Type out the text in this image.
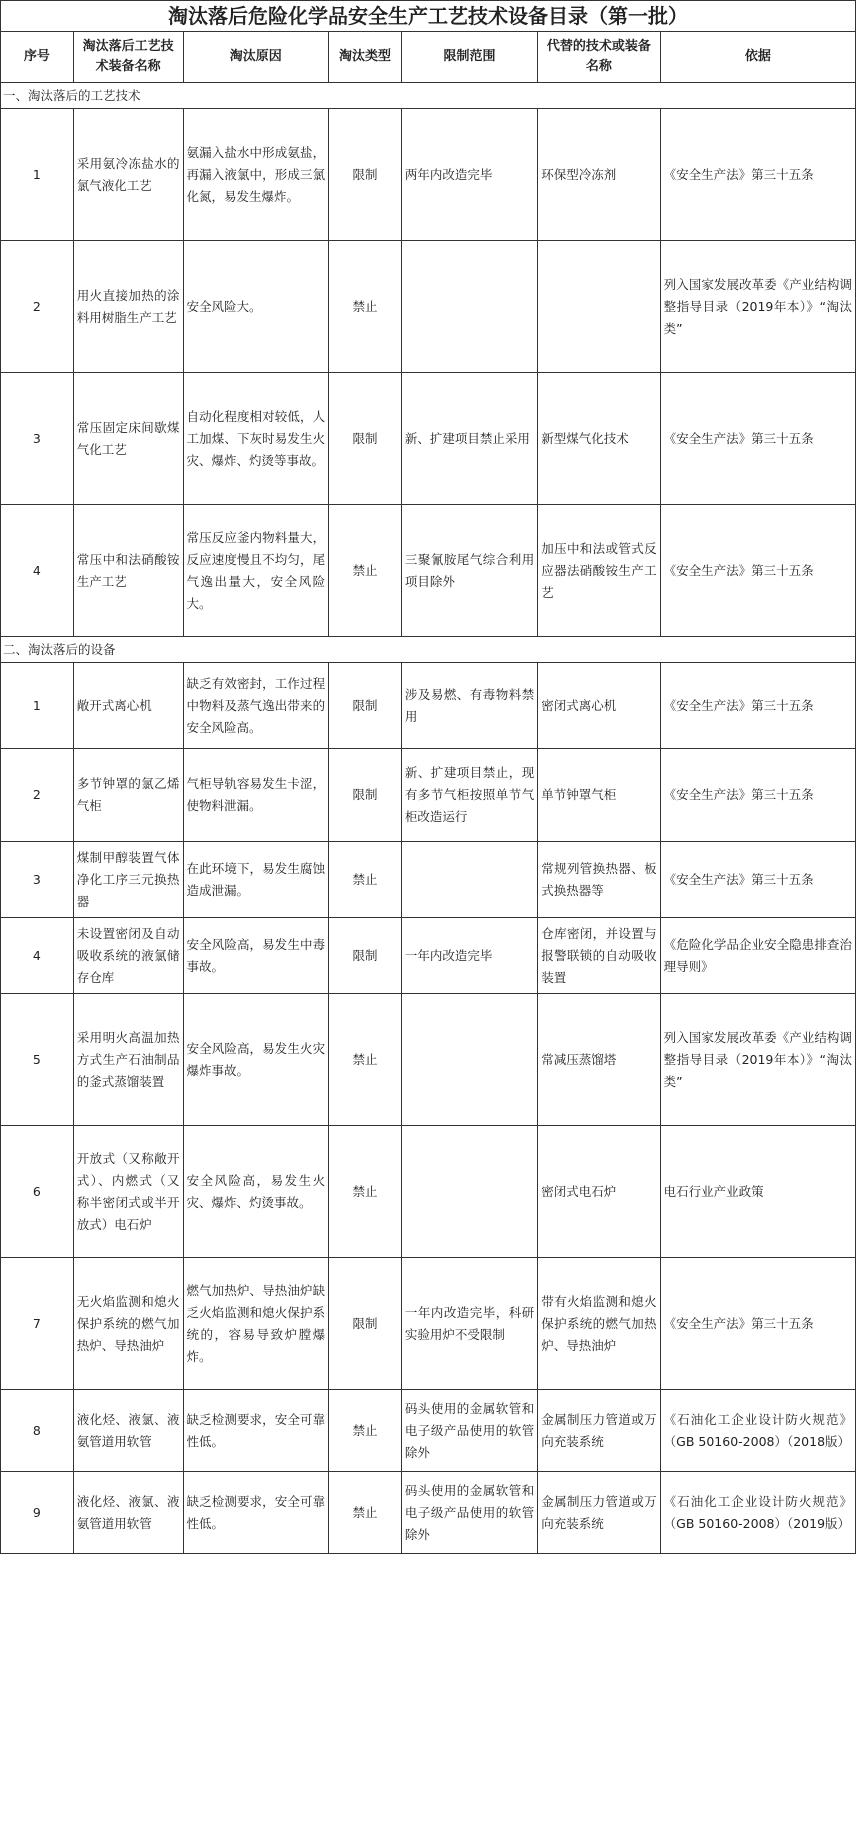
淘汰落后危险化学品安全生产工艺技术设备目录（第一批）						
序号	淘汰落后工艺技术装备名称	淘汰原因	淘汰类型	限制范围	代替的技术或装备名称	依据
一、淘汰落后的工艺技术						
1	采用氨冷冻盐水的氯气液化工艺	氨漏入盐水中形成氨盐，再漏入液氯中，形成三氯化氮，易发生爆炸。	限制	两年内改造完毕	环保型冷冻剂	《安全生产法》第三十五条
2	用火直接加热的涂料用树脂生产工艺	安全风险大。	禁止			列入国家发展改革委《产业结构调整指导目录（2019年本）》“淘汰类”
3	常压固定床间歇煤气化工艺	自动化程度相对较低，人工加煤、下灰时易发生火灾、爆炸、灼烫等事故。	限制	新、扩建项目禁止采用	新型煤气化技术	《安全生产法》第三十五条
4	常压中和法硝酸铵生产工艺	常压反应釜内物料量大，反应速度慢且不均匀，尾气逸出量大，安全风险大。	禁止	三聚氰胺尾气综合利用项目除外	加压中和法或管式反应器法硝酸铵生产工艺	《安全生产法》第三十五条
二、淘汰落后的设备						
1	敞开式离心机	缺乏有效密封，工作过程中物料及蒸气逸出带来的安全风险高。	限制	涉及易燃、有毒物料禁用	密闭式离心机	《安全生产法》第三十五条
2	多节钟罩的氯乙烯气柜	气柜导轨容易发生卡涩，使物料泄漏。	限制	新、扩建项目禁止，现有多节气柜按照单节气柜改造运行	单节钟罩气柜	《安全生产法》第三十五条
3	煤制甲醇装置气体净化工序三元换热器	在此环境下，易发生腐蚀造成泄漏。	禁止		常规列管换热器、板式换热器等	《安全生产法》第三十五条
4	未设置密闭及自动吸收系统的液氯储存仓库	安全风险高，易发生中毒事故。	限制	一年内改造完毕	仓库密闭，并设置与报警联锁的自动吸收装置	《危险化学品企业安全隐患排查治理导则》
5	采用明火高温加热方式生产石油制品的釜式蒸馏装置	安全风险高，易发生火灾爆炸事故。	禁止		常减压蒸馏塔	列入国家发展改革委《产业结构调整指导目录（2019年本）》“淘汰类”
6	开放式（又称敞开式）、内燃式（又称半密闭式或半开放式）电石炉	安全风险高，易发生火灾、爆炸、灼烫事故。	禁止		密闭式电石炉	电石行业产业政策
7	无火焰监测和熄火保护系统的燃气加热炉、导热油炉	燃气加热炉、导热油炉缺乏火焰监测和熄火保护系统的，容易导致炉膛爆炸。	限制	一年内改造完毕，科研实验用炉不受限制	带有火焰监测和熄火保护系统的燃气加热炉、导热油炉	《安全生产法》第三十五条
8	液化烃、液氯、液氨管道用软管	缺乏检测要求，安全可靠性低。	禁止	码头使用的金属软管和电子级产品使用的软管除外	金属制压力管道或万向充装系统	《石油化工企业设计防火规范》（GB 50160-2008）（2018版）
9	液化烃、液氯、液氨管道用软管	缺乏检测要求，安全可靠性低。	禁止	码头使用的金属软管和电子级产品使用的软管除外	金属制压力管道或万向充装系统	《石油化工企业设计防火规范》（GB 50160-2008）（2019版）
